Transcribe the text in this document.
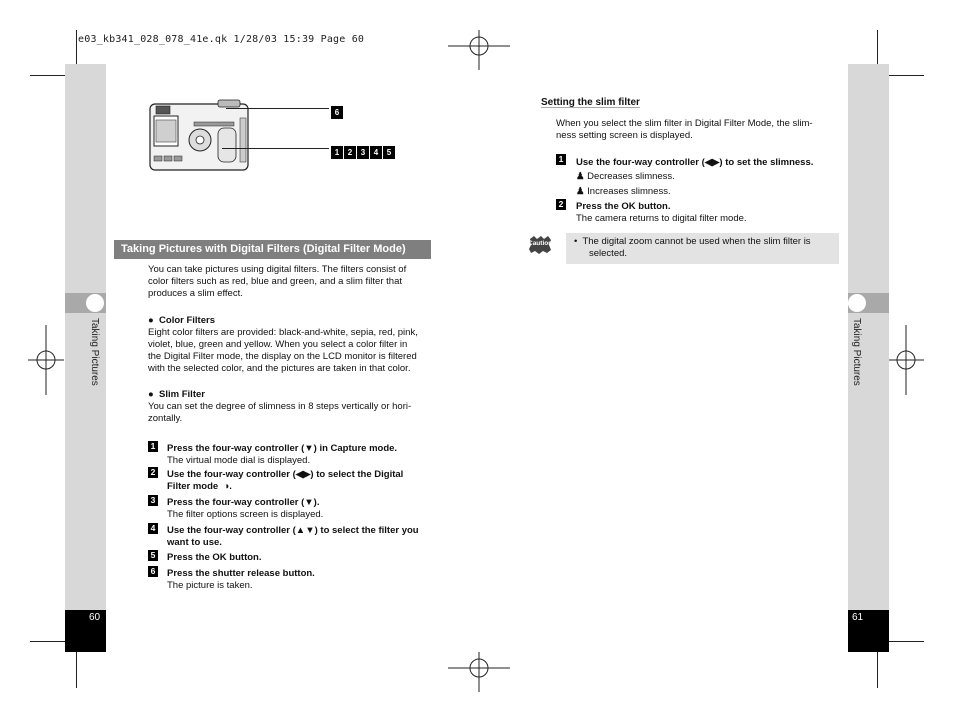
e03_kb341_028_078_41e.qk 1/28/03 15:39 Page 60
Taking Pictures
60
Taking Pictures
61
6
1 2 3 4 5
Taking Pictures with Digital Filters (Digital Filter Mode)
You can take pictures using digital filters. The filters consist of
color filters such as red, blue and green, and a slim filter that
produces a slim effect.
● Color Filters
Eight color filters are provided: black-and-white, sepia, red, pink,
violet, blue, green and yellow. When you select a color filter in
the Digital Filter mode, the display on the LCD monitor is filtered
with the selected color, and the pictures are taken in that color.
● Slim Filter
You can set the degree of slimness in 8 steps vertically or hori-
zontally.
1 Press the four-way controller (▼) in Capture mode.
The virtual mode dial is displayed.
2 Use the four-way controller (◀▶) to select the Digital
Filter mode ◑.
3 Press the four-way controller (▼).
The filter options screen is displayed.
4 Use the four-way controller (▲▼) to select the filter you
want to use.
5 Press the OK button.
6 Press the shutter release button.
The picture is taken.
Setting the slim filter
When you select the slim filter in Digital Filter Mode, the slim-
ness setting screen is displayed.
1 Use the four-way controller (◀▶) to set the slimness.
♟ Decreases slimness.
♟ Increases slimness.
2 Press the OK button.
The camera returns to digital filter mode.
Caution • The digital zoom cannot be used when the slim filter is
selected.
